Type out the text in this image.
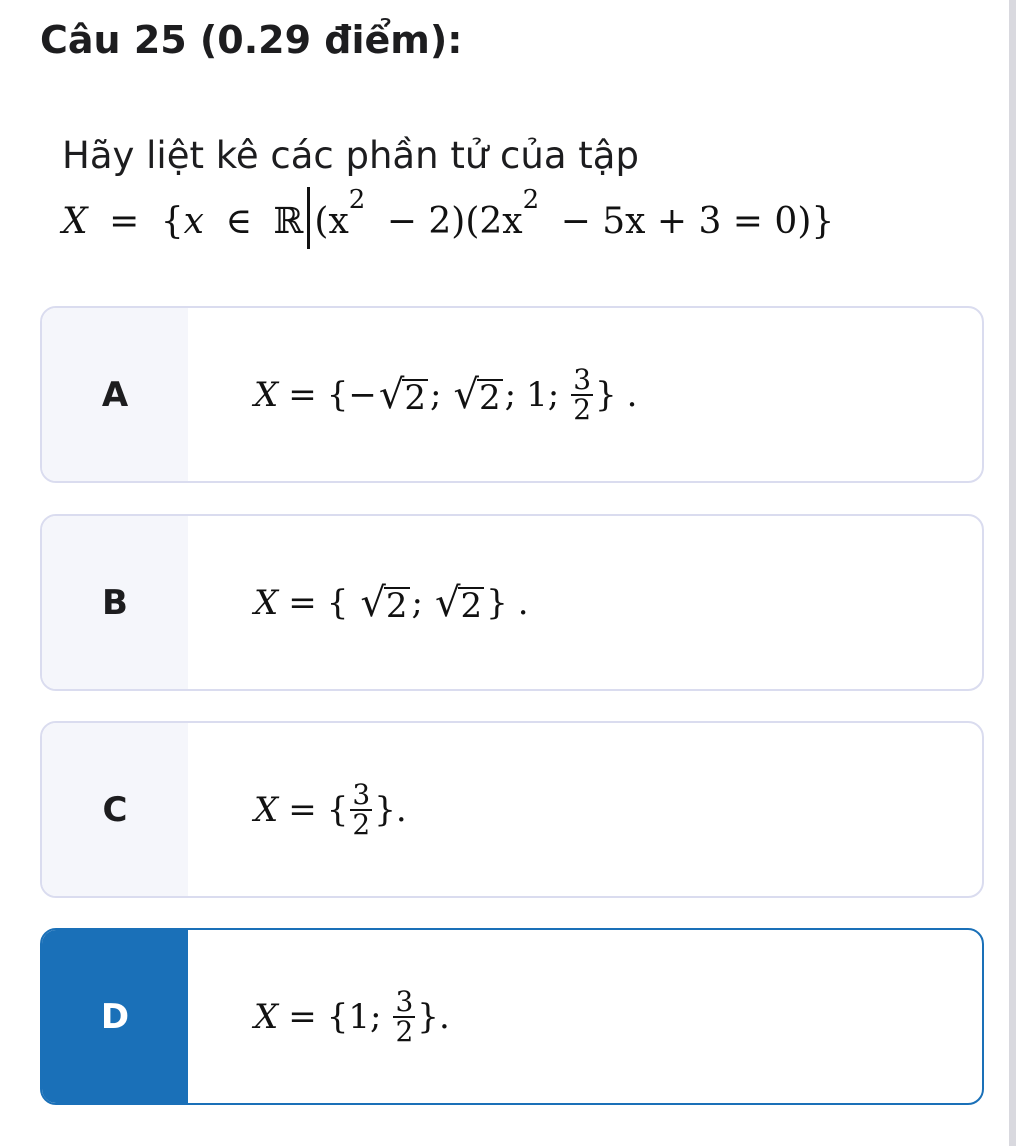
Câu 25 (0.29 điểm):
Hãy liệt kê các phần tử của tập
X = {x ∈ ℝ $(x^2 - 2)(2x^2 - 5x + 3 = 0)$}
A	X = { − √ 2 ; √ 2 ; 1 ; $\frac{3}{2}$ } .
B	X = { √ 2 ; √ 2 } .
C	X = { $\frac{3}{2}$ } .
D	X = { 1 ; $\frac{3}{2}$ } .
